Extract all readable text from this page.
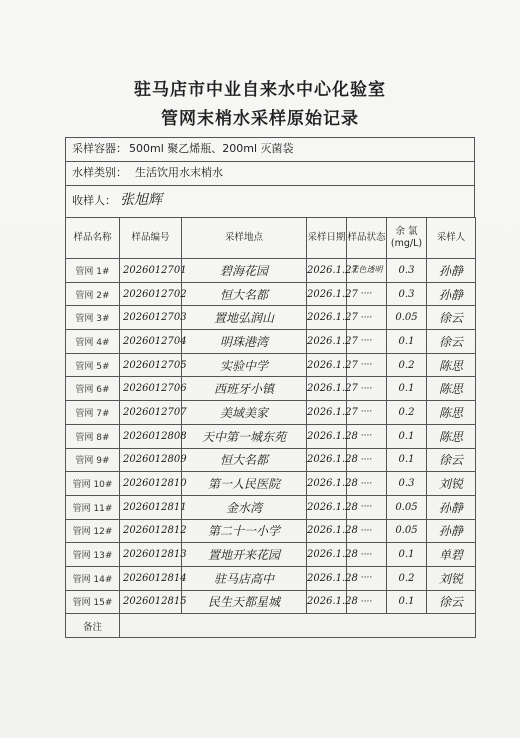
驻马店市中业自来水中心化验室
管网末梢水采样原始记录
采样容器： 500ml 聚乙烯瓶、200ml 灭菌袋
水样类别： 生活饮用水末梢水
收样人： 张旭辉
样品名称	样品编号	采样地点	采样日期	样品状态	余 氯 (mg/L)	采样人
管网 1#	2026012701	碧海花园	2026.1.27	无色透明	0.3	孙静
管网 2#	2026012702	恒大名都	2026.1.27	····	0.3	孙静
管网 3#	2026012703	置地弘润山	2026.1.27	····	0.05	徐云
管网 4#	2026012704	明珠港湾	2026.1.27	····	0.1	徐云
管网 5#	2026012705	实验中学	2026.1.27	····	0.2	陈思
管网 6#	2026012706	西班牙小镇	2026.1.27	····	0.1	陈思
管网 7#	2026012707	美域美家	2026.1.27	····	0.2	陈思
管网 8#	2026012808	天中第一城东苑	2026.1.28	····	0.1	陈思
管网 9#	2026012809	恒大名都	2026.1.28	····	0.1	徐云
管网 10#	2026012810	第一人民医院	2026.1.28	····	0.3	刘锐
管网 11#	2026012811	金水湾	2026.1.28	····	0.05	孙静
管网 12#	2026012812	第二十一小学	2026.1.28	····	0.05	孙静
管网 13#	2026012813	置地开来花园	2026.1.28	····	0.1	单碧
管网 14#	2026012814	驻马店高中	2026.1.28	····	0.2	刘锐
管网 15#	2026012815	民生天都星城	2026.1.28	····	0.1	徐云
备注						
